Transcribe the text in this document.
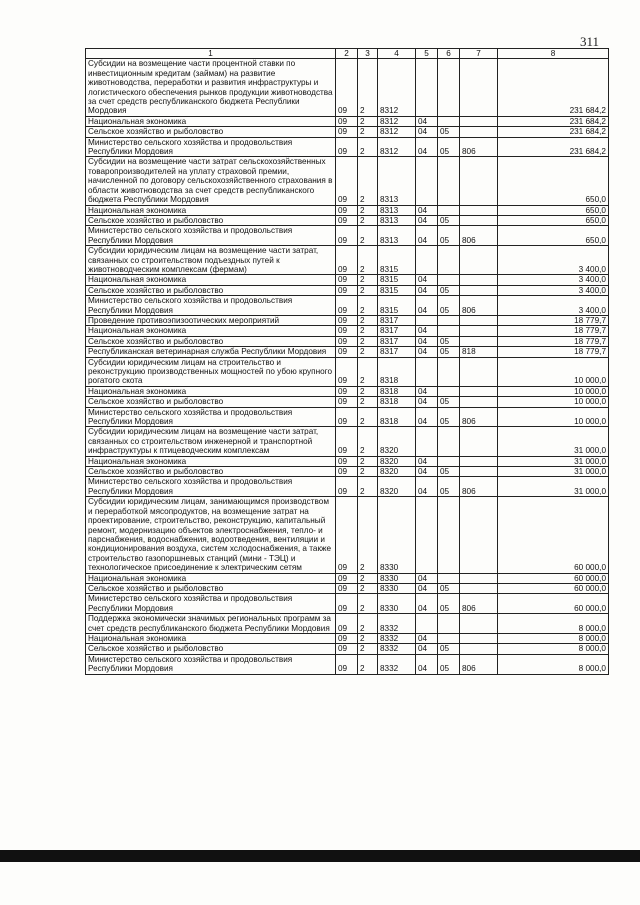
311
1	2	3	4	5	6	7	8
Субсидии на возмещение части процентной ставки по инвестиционным кредитам (займам) на развитие животноводства, переработки и развития инфраструктуры и логистического обеспечения рынков продукции животноводства за счет средств республиканского бюджета Республики Мордовия	09	2	8312				231 684,2
Национальная экономика	09	2	8312	04			231 684,2
Сельское хозяйство и рыболовство	09	2	8312	04	05		231 684,2
Министерство сельского хозяйства и продовольствия Республики Мордовия	09	2	8312	04	05	806	231 684,2
Субсидии на возмещение части затрат сельскохозяйственных товаропроизводителей на уплату страховой премии, начисленной по договору сельскохозяйственного страхования в области животноводства за счет средств республиканского бюджета Республики Мордовия	09	2	8313				650,0
Национальная экономика	09	2	8313	04			650,0
Сельское хозяйство и рыболовство	09	2	8313	04	05		650,0
Министерство сельского хозяйства и продовольствия Республики Мордовия	09	2	8313	04	05	806	650,0
Субсидии юридическим лицам на возмещение части затрат, связанных со строительством подъездных путей к животноводческим комплексам (фермам)	09	2	8315				3 400,0
Национальная экономика	09	2	8315	04			3 400,0
Сельское хозяйство и рыболовство	09	2	8315	04	05		3 400,0
Министерство сельского хозяйства и продовольствия Республики Мордовия	09	2	8315	04	05	806	3 400,0
Проведение противоэпизоотических мероприятий	09	2	8317				18 779,7
Национальная экономика	09	2	8317	04			18 779,7
Сельское хозяйство и рыболовство	09	2	8317	04	05		18 779,7
Республиканская ветеринарная служба Республики Мордовия	09	2	8317	04	05	818	18 779,7
Субсидии юридическим лицам на строительство и реконструкцию производственных мощностей по убою крупного рогатого скота	09	2	8318				10 000,0
Национальная экономика	09	2	8318	04			10 000,0
Сельское хозяйство и рыболовство	09	2	8318	04	05		10 000,0
Министерство сельского хозяйства и продовольствия Республики Мордовия	09	2	8318	04	05	806	10 000,0
Субсидии юридическим лицам на возмещение части затрат, связанных со строительством инженерной и транспортной инфраструктуры к птицеводческим комплексам	09	2	8320				31 000,0
Национальная экономика	09	2	8320	04			31 000,0
Сельское хозяйство и рыболовство	09	2	8320	04	05		31 000,0
Министерство сельского хозяйства и продовольствия Республики Мордовия	09	2	8320	04	05	806	31 000,0
Субсидии юридическим лицам, занимающимся производством и переработкой мясопродуктов, на возмещение затрат на проектирование, строительство, реконструкцию, капитальный ремонт, модернизацию объектов электроснабжения, тепло- и парснабжения, водоснабжения, водоотведения, вентиляции и кондиционирования воздуха, систем хслодоснабжения, а также строительство газопоршневых станций (мини - ТЭЦ) и технологическое присоединение к электрическим сетям	09	2	8330				60 000,0
Национальная экономика	09	2	8330	04			60 000,0
Сельское хозяйство и рыболовство	09	2	8330	04	05		60 000,0
Министерство сельского хозяйства и продовольствия Республики Мордовия	09	2	8330	04	05	806	60 000,0
Поддержка экономически значимых региональных программ за счет средств республиканского бюджета Республики Мордовия	09	2	8332				8 000,0
Национальная экономика	09	2	8332	04			8 000,0
Сельское хозяйство и рыболовство	09	2	8332	04	05		8 000,0
Министерство сельского хозяйства и продовольствия Республики Мордовия	09	2	8332	04	05	806	8 000,0
